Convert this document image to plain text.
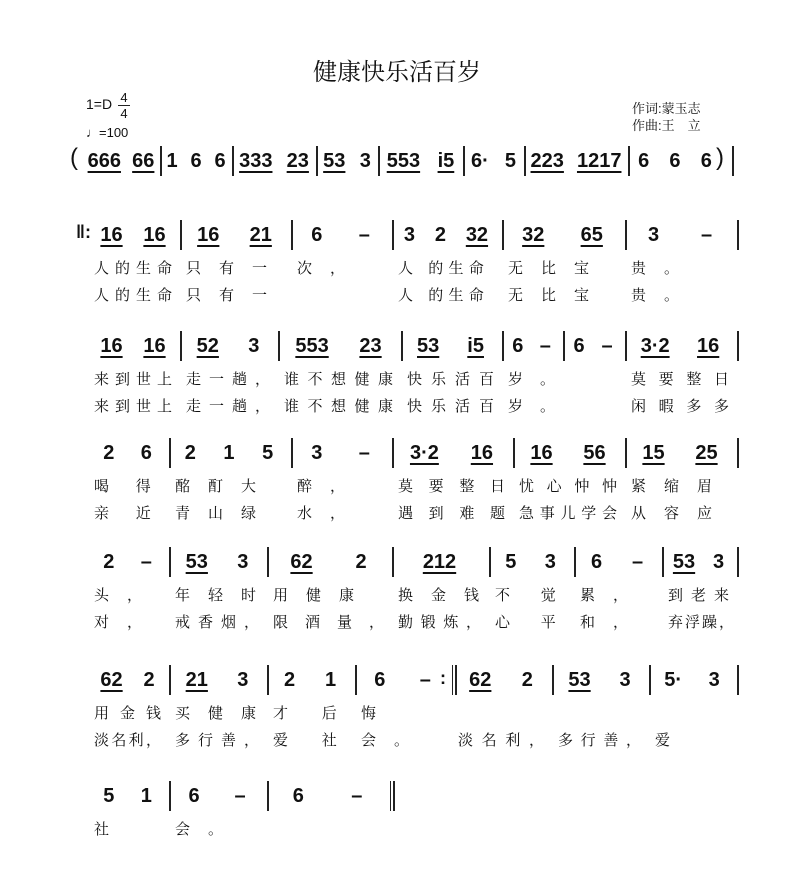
健康快乐活百岁
1=D 4
4
♩=100
作词:蒙玉志
作曲:王　立
666 66 1 6 6 333 23 53 3 553 i5 6· 5 223 1217 6 6 6
(	)
16 16
人的生命
人的生命
16 21
只有一
只有一
6 –
次，
3 2 32
人 的生命
人 的生命
32 65
无比宝
无比宝
3 –
贵。
贵。
16 16
来到世上
来到世上
52 3
走一趟，
走一趟，
553 23
谁不想健康
谁不想健康
53 i5
快乐活百
快乐活百
6 –
岁。
岁。
6 – 3·2 16
莫要整日
闲暇多多
2 6
喝 得
亲 近
2 1 5
酩酊大
青山绿
3 –
醉，
水，
3·2 16
莫要整日
遇到难题
16 56
忧心忡忡
急事儿学会
15 25
紧缩眉
从容应
2 –
头，
对，
53 3
年轻时
戒香烟，
62 2
用健康
限酒量，
212
换金钱
勤锻炼，
5 3
不 觉
心 平
6 –
累，
和，
53 3
到老来
弃浮躁，
62 2
用金钱
淡名利，
21 3
买健康
多行善，
2 1
才 后
爱 社
6 –
悔
会。
62 2
淡名利，
53 3
多行善，
5· 3
爱
5 1
社
6 –
会。
6 –
‖:
:
